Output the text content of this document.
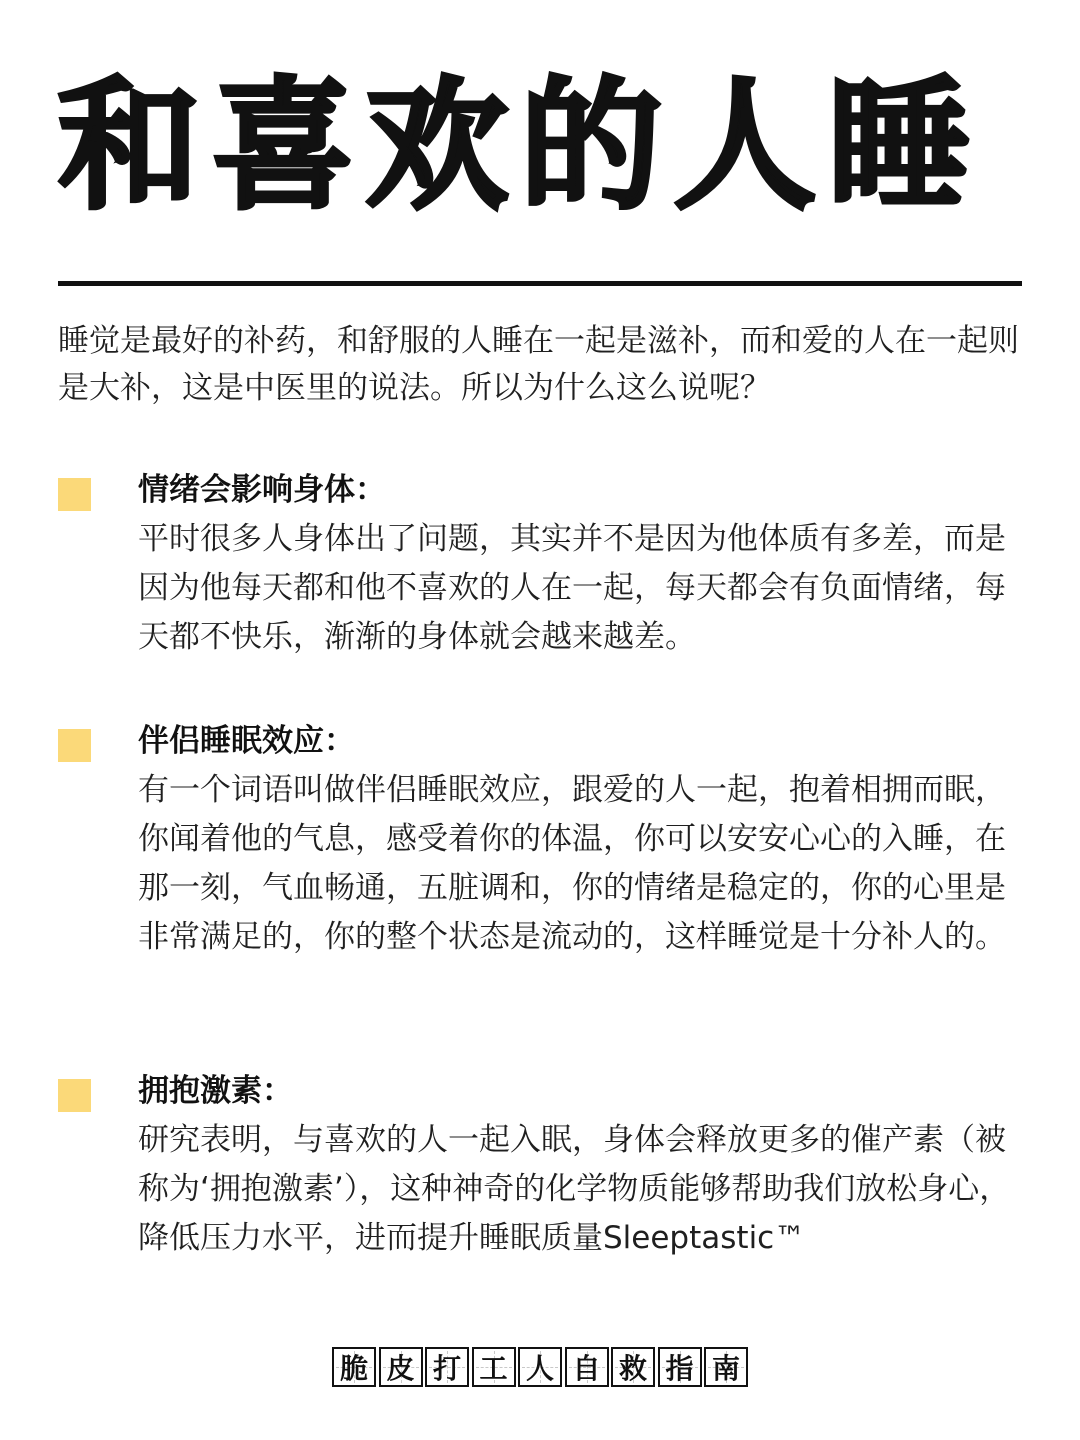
和喜欢的人睡

睡觉是最好的补药，和舒服的人睡在一起是滋补，而和爱的人在一起则是大补，这是中医里的说法。所以为什么这么说呢？

情绪会影响身体：

平时很多人身体出了问题，其实并不是因为他体质有多差，而是因为他每天都和他不喜欢的人在一起，每天都会有负面情绪，每天都不快乐，渐渐的身体就会越来越差。

伴侣睡眠效应：

有一个词语叫做伴侣睡眠效应，跟爱的人一起，抱着相拥而眠，你闻着他的气息，感受着你的体温，你可以安安心心的入睡，在那一刻，气血畅通，五脏调和，你的情绪是稳定的，你的心里是非常满足的，你的整个状态是流动的，这样睡觉是十分补人的。

拥抱激素：

研究表明，与喜欢的人一起入眠，身体会释放更多的催产素（被称为‘拥抱激素’），这种神奇的化学物质能够帮助我们放松身心，降低压力水平，进而提升睡眠质量Sleeptastic™

脆 皮 打 工 人 自 救 指 南
